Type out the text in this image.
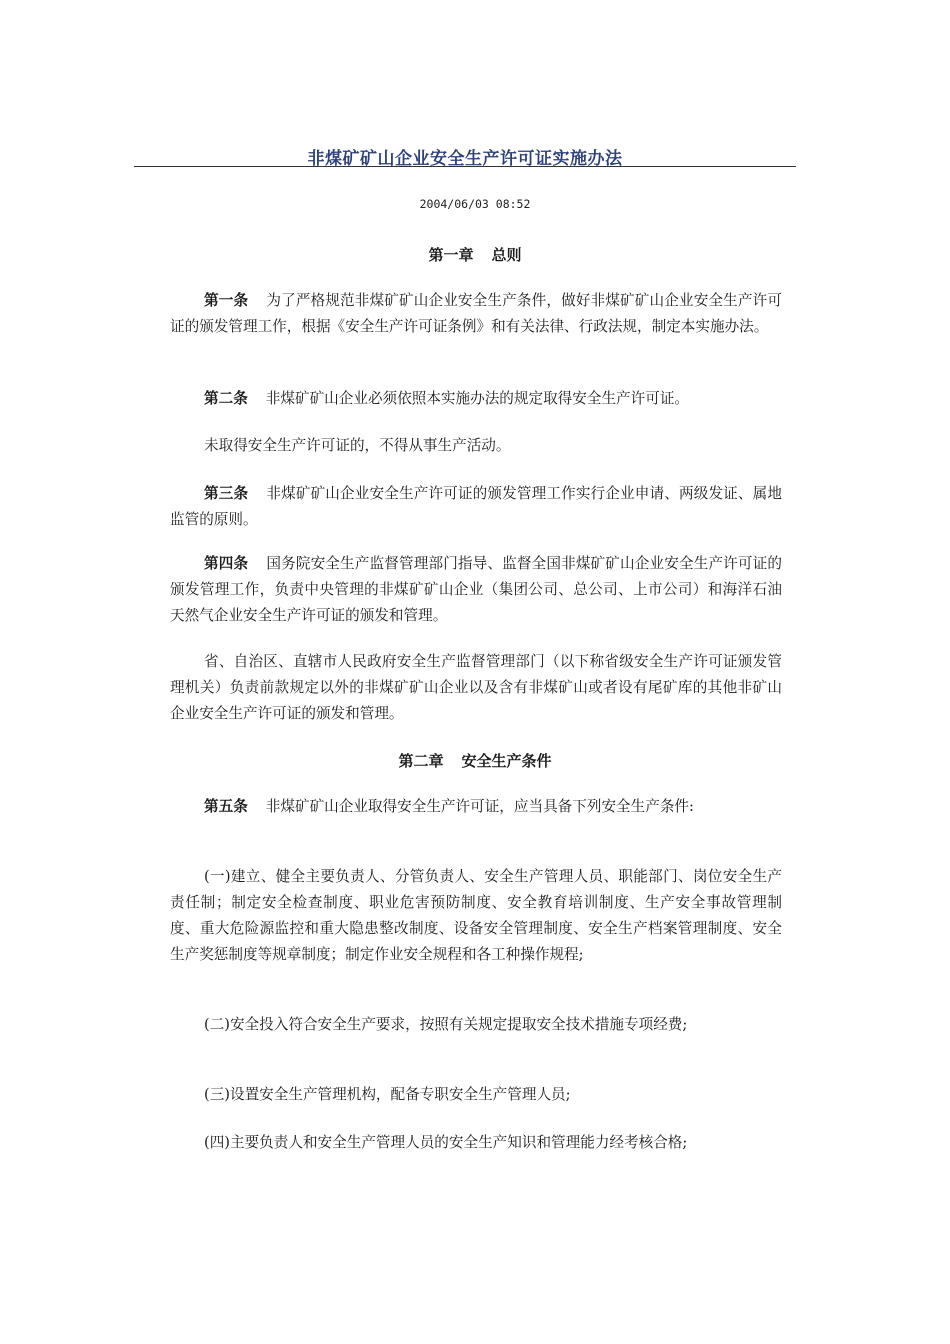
非煤矿矿山企业安全生产许可证实施办法
2004/06/03 08:52
第一章 总则

第一条 为了严格规范非煤矿矿山企业安全生产条件，做好非煤矿矿山企业安全生产许可证的颁发管理工作，根据《安全生产许可证条例》和有关法律、行政法规，制定本实施办法。

第二条 非煤矿矿山企业必须依照本实施办法的规定取得安全生产许可证。

未取得安全生产许可证的，不得从事生产活动。

第三条 非煤矿矿山企业安全生产许可证的颁发管理工作实行企业申请、两级发证、属地监管的原则。

第四条 国务院安全生产监督管理部门指导、监督全国非煤矿矿山企业安全生产许可证的颁发管理工作，负责中央管理的非煤矿矿山企业（集团公司、总公司、上市公司）和海洋石油天然气企业安全生产许可证的颁发和管理。

省、自治区、直辖市人民政府安全生产监督管理部门（以下称省级安全生产许可证颁发管理机关）负责前款规定以外的非煤矿矿山企业以及含有非煤矿山或者设有尾矿库的其他非矿山企业安全生产许可证的颁发和管理。

第二章 安全生产条件

第五条 非煤矿矿山企业取得安全生产许可证，应当具备下列安全生产条件:

(一)建立、健全主要负责人、分管负责人、安全生产管理人员、职能部门、岗位安全生产责任制；制定安全检查制度、职业危害预防制度、安全教育培训制度、生产安全事故管理制度、重大危险源监控和重大隐患整改制度、设备安全管理制度、安全生产档案管理制度、安全生产奖惩制度等规章制度；制定作业安全规程和各工种操作规程;

(二)安全投入符合安全生产要求，按照有关规定提取安全技术措施专项经费;

(三)设置安全生产管理机构，配备专职安全生产管理人员;

(四)主要负责人和安全生产管理人员的安全生产知识和管理能力经考核合格;
